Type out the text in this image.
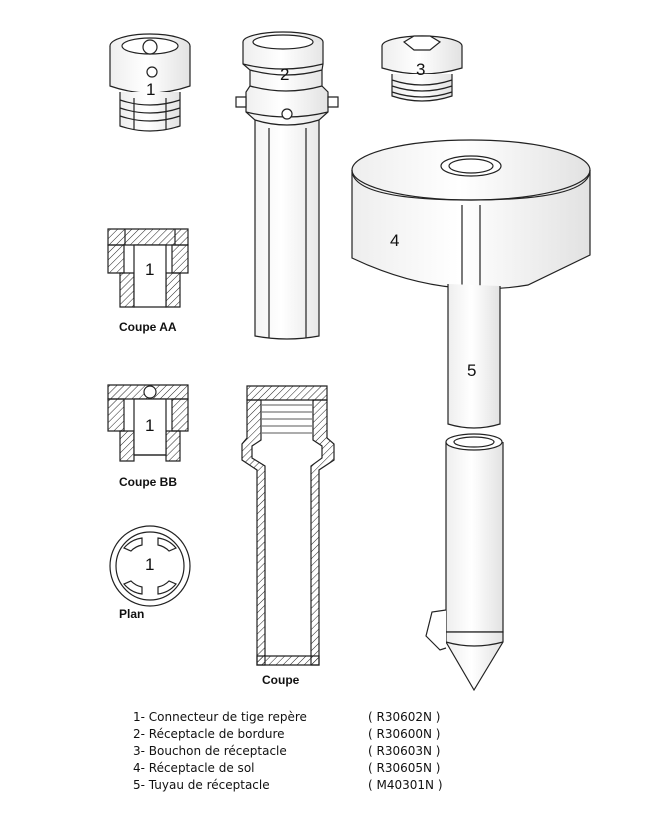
1
1
Coupe AA
1
Coupe BB
1
Plan
2
Coupe
3
4
5
1- Connecteur de tige repère	( R30602N )
2- Réceptacle de bordure	( R30600N )
3- Bouchon de réceptacle	( R30603N )
4- Réceptacle de sol	( R30605N )
5- Tuyau de réceptacle	( M40301N )
